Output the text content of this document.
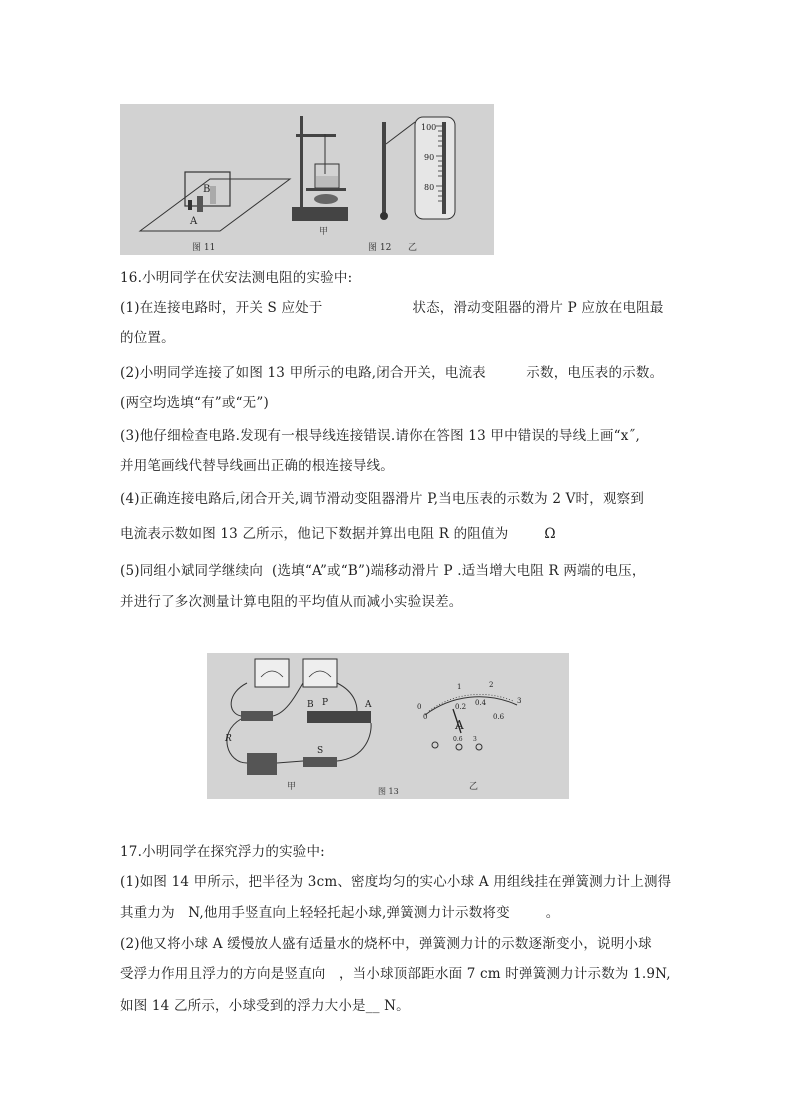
A
B
图 11
甲
图 12
100
90
80
乙
16.小明同学在伏安法测电阻的实验中:
(1)在连接电路时，开关 S 应处于                    状态，滑动变阻器的滑片 P 应放在电阻最
的位置。
(2)小明同学连接了如图 13 甲所示的电路,闭合开关，电流表         示数，电压表的示数。
(两空均选填“有”或“无”)
(3)他仔细检查电路.发现有一根导线连接错误.请你在答图 13 甲中错误的导线上画“x˝,
并用笔画线代替导线画出正确的根连接导线。
(4)正确连接电路后,闭合开关,调节滑动变阻器滑片 P,当电压表的示数为 2 V时，观察到
电流表示数如图 13 乙所示，他记下数据并算出电阻 R 的阻值为        Ω
(5)同组小斌同学继续向  (选填“A”或“B”)端移动滑片 P .适当增大电阻 R 两端的电压，
并进行了多次测量计算电阻的平均值从而减小实验误差。
R
S
B P	A
甲
0
1	2
3
0
0.2 0.4
0.6
A
0.6 3
乙
图 13
17.小明同学在探究浮力的实验中:
(1)如图 14 甲所示，把半径为 3cm、密度均匀的实心小球 A 用组线挂在弹簧测力计上测得
其重力为   N,他用手竖直向上轻轻托起小球,弹簧测力计示数将变        。
(2)他又将小球 A 缓慢放人盛有适量水的烧杯中，弹簧测力计的示数逐渐变小，说明小球
受浮力作用且浮力的方向是竖直向   ，当小球顶部距水面 7 cm 时弹簧测力计示数为 1.9N,
如图 14 乙所示，小球受到的浮力大小是__ N。
